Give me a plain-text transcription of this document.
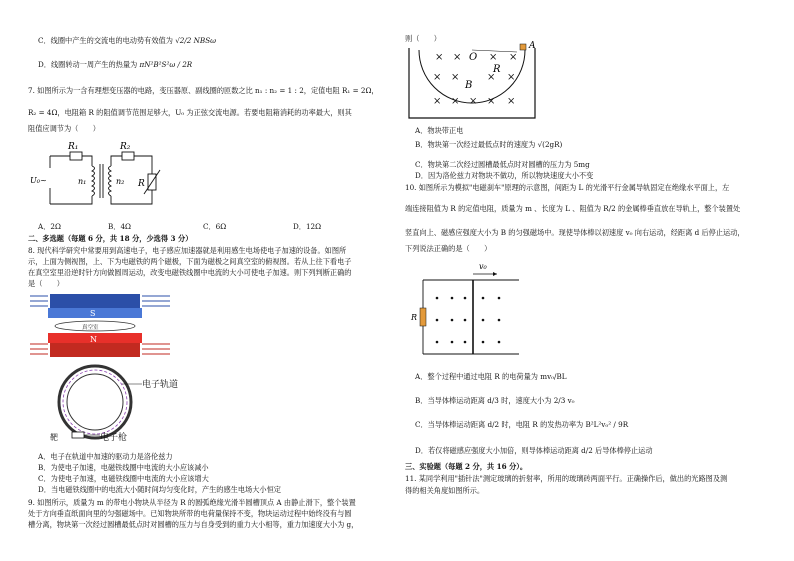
C．线圈中产生的交流电的电动势有效值为 √2/2 NBSω
D．线圈转动一周产生的热量为 πN²B²S²ω / 2R
7. 如图所示为一含有理想变压器的电路，变压器原、副线圈的匝数之比 n₁ : n₂ = 1 : 2，定值电阻 R₁ = 2Ω，
R₂ = 4Ω，电阻箱 R 的阻值调节范围足够大，U₀ 为正弦交流电源。若要电阻箱消耗的功率最大，则其
阻值应调节为（　　）
R₁	R₂
n₁	n₂ R
U₀~
A．2Ω	B．4Ω	C．6Ω	D．12Ω
二、多选题（每题 6 分，共 18 分，少选得 3 分）
8. 现代科学研究中常要用到高速电子，电子感应加速器就是利用感生电场使电子加速的设备。如图所
示，上面为侧视图，上、下为电磁铁的两个磁极，下面为磁极之间真空室的俯视图。若从上往下看电子
在真空室里沿逆时针方向做圆周运动，改变电磁铁线圈中电流的大小可使电子加速。则下列判断正确的
是（　　）
S
真空室
N
电子轨道
电子枪
靶
A．电子在轨道中加速的驱动力是洛伦兹力
B．为使电子加速，电磁铁线圈中电流的大小应该减小
C．为使电子加速，电磁铁线圈中电流的大小应该增大
D．当电磁铁线圈中的电流大小随时间均匀变化时，产生的感生电场大小恒定
9. 如图所示，质量为 m 的带电小物块从半径为 R 的圆弧绝缘光滑半圆槽顶点 A 由静止滑下，整个装置
处于方向垂直纸面向里的匀强磁场中。已知物块所带的电荷量保持不变，物块运动过程中始终没有与圆
槽分离，物块第一次经过圆槽最低点时对圆槽的压力与自身受到的重力大小相等，重力加速度大小为 g，
则（　　）
A
O
R
B
× ×	× ×
× ×	× ×
× × × × ×
A．物块带正电
B．物块第一次经过最低点时的速度为 √(2gR)
C．物块第二次经过圆槽最低点时对圆槽的压力为 5mg
D．因为洛伦兹力对物块不做功，所以物块速度大小不变
10. 如图所示为模拟"电磁刹车"原理的示意图，间距为 L 的光滑平行金属导轨固定在绝缘水平面上，左
端连接阻值为 R 的定值电阻，质量为 m 、长度为 L 、阻值为 R/2 的金属棒垂直放在导轨上，整个装置处
竖直向上、磁感应强度大小为 B 的匀强磁场中。现使导体棒以初速度 v₀ 向右运动，经距离 d 后停止运动，
下列说法正确的是（　　）
v₀
R
A．整个过程中通过电阻 R 的电荷量为 mv₀/BL
B．当导体棒运动距离 d/3 时，速度大小为 2/3 v₀
C．当导体棒运动距离 d/2 时，电阻 R 的发热功率为 B²L²v₀² / 9R
D．若仅将磁感应强度大小加倍，则导体棒运动距离 d/2 后导体棒停止运动
三、实验题（每题 2 分，共 16 分）。
11. 某同学利用"插针法"测定玻璃的折射率，所用的玻璃砖两面平行。正确操作后，做出的光路图及测
得的相关角度如图所示。
